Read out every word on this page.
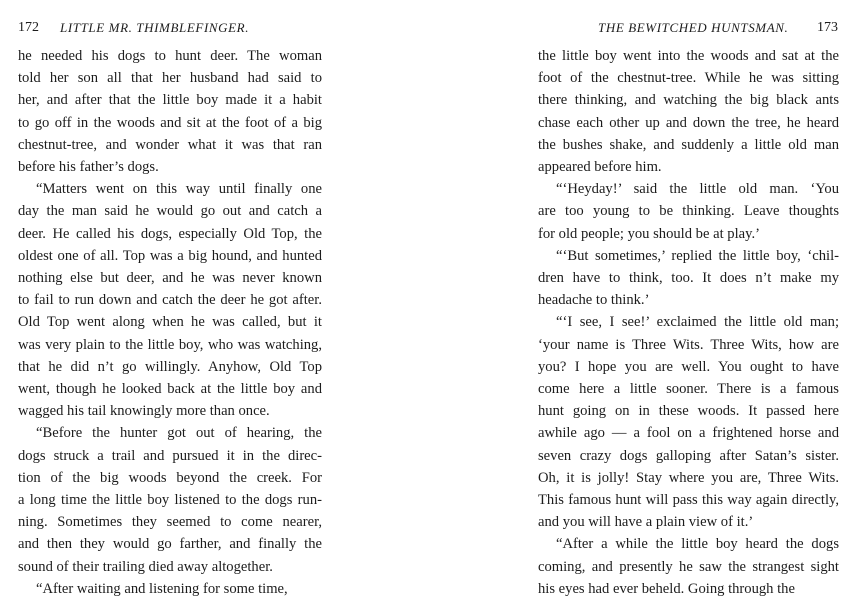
172 LITTLE MR. THIMBLEFINGER.
he needed his dogs to hunt deer. The woman
told her son all that her husband had said to
her, and after that the little boy made it a habit
to go off in the woods and sit at the foot of a big
chestnut-tree, and wonder what it was that ran
before his father’s dogs.
“Matters went on this way until finally one
day the man said he would go out and catch a
deer. He called his dogs, especially Old Top, the
oldest one of all. Top was a big hound, and hunted
nothing else but deer, and he was never known
to fail to run down and catch the deer he got after.
Old Top went along when he was called, but it
was very plain to the little boy, who was watching,
that he did n’t go willingly. Anyhow, Old Top
went, though he looked back at the little boy and
wagged his tail knowingly more than once.
“Before the hunter got out of hearing, the
dogs struck a trail and pursued it in the direc-
tion of the big woods beyond the creek. For
a long time the little boy listened to the dogs run-
ning. Sometimes they seemed to come nearer,
and then they would go farther, and finally the
sound of their trailing died away altogether.
“After waiting and listening for some time,
THE BEWITCHED HUNTSMAN. 173
the little boy went into the woods and sat at the
foot of the chestnut-tree. While he was sitting
there thinking, and watching the big black ants
chase each other up and down the tree, he heard
the bushes shake, and suddenly a little old man
appeared before him.
“‘Heyday!’ said the little old man. ‘You
are too young to be thinking. Leave thoughts
for old people; you should be at play.’
“‘But sometimes,’ replied the little boy, ‘chil-
dren have to think, too. It does n’t make my
headache to think.’
“‘I see, I see!’ exclaimed the little old man;
‘your name is Three Wits. Three Wits, how are
you? I hope you are well. You ought to have
come here a little sooner. There is a famous
hunt going on in these woods. It passed here
awhile ago — a fool on a frightened horse and
seven crazy dogs galloping after Satan’s sister.
Oh, it is jolly! Stay where you are, Three Wits.
This famous hunt will pass this way again directly,
and you will have a plain view of it.’
“After a while the little boy heard the dogs
coming, and presently he saw the strangest sight
his eyes had ever beheld. Going through the
